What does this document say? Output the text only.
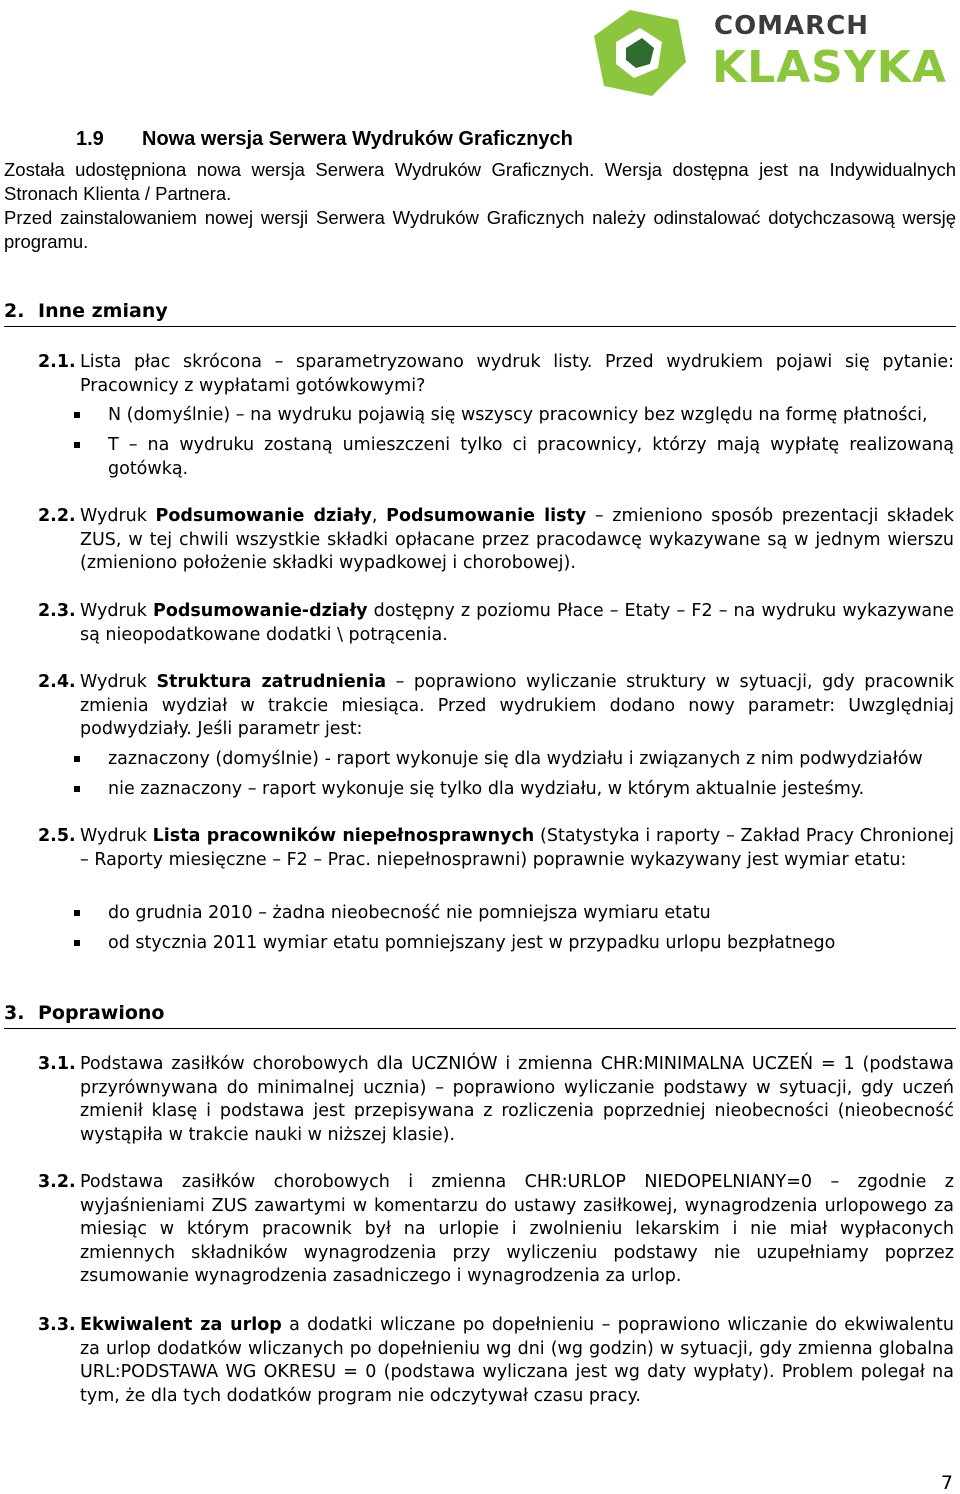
COMARCH
KLASYKA
1.9 Nowa wersja Serwera Wydruków Graficznych
Została udostępniona nowa wersja Serwera Wydruków Graficznych. Wersja dostępna jest na Indywidualnych Stronach Klienta / Partnera.
Przed zainstalowaniem nowej wersji Serwera Wydruków Graficznych należy odinstalować dotychczasową wersję programu.
2. Inne zmiany
2.1. Lista płac skrócona – sparametryzowano wydruk listy. Przed wydrukiem pojawi się pytanie: Pracownicy z wypłatami gotówkowymi?
N (domyślnie) – na wydruku pojawią się wszyscy pracownicy bez względu na formę płatności,
T – na wydruku zostaną umieszczeni tylko ci pracownicy, którzy mają wypłatę realizowaną gotówką.
2.2. Wydruk Podsumowanie działy, Podsumowanie listy – zmieniono sposób prezentacji składek ZUS, w tej chwili wszystkie składki opłacane przez pracodawcę wykazywane są w jednym wierszu (zmieniono położenie składki wypadkowej i chorobowej).
2.3. Wydruk Podsumowanie-działy dostępny z poziomu Płace – Etaty – F2 – na wydruku wykazywane są nieopodatkowane dodatki \ potrącenia.
2.4. Wydruk Struktura zatrudnienia – poprawiono wyliczanie struktury w sytuacji, gdy pracownik zmienia wydział w trakcie miesiąca. Przed wydrukiem dodano nowy parametr: Uwzględniaj podwydziały. Jeśli parametr jest:
zaznaczony (domyślnie) - raport wykonuje się dla wydziału i związanych z nim podwydziałów
nie zaznaczony – raport wykonuje się tylko dla wydziału, w którym aktualnie jesteśmy.
2.5. Wydruk Lista pracowników niepełnosprawnych (Statystyka i raporty – Zakład Pracy Chronionej – Raporty miesięczne – F2 – Prac. niepełnosprawni) poprawnie wykazywany jest wymiar etatu:
do grudnia 2010 – żadna nieobecność nie pomniejsza wymiaru etatu
od stycznia 2011 wymiar etatu pomniejszany jest w przypadku urlopu bezpłatnego
3. Poprawiono
3.1. Podstawa zasiłków chorobowych dla UCZNIÓW i zmienna CHR:MINIMALNA UCZEŃ = 1 (podstawa przyrównywana do minimalnej ucznia) – poprawiono wyliczanie podstawy w sytuacji, gdy uczeń zmienił klasę i podstawa jest przepisywana z rozliczenia poprzedniej nieobecności (nieobecność wystąpiła w trakcie nauki w niższej klasie).
3.2. Podstawa zasiłków chorobowych i zmienna CHR:URLOP NIEDOPELNIANY=0 – zgodnie z wyjaśnieniami ZUS zawartymi w komentarzu do ustawy zasiłkowej, wynagrodzenia urlopowego za miesiąc w którym pracownik był na urlopie i zwolnieniu lekarskim i nie miał wypłaconych zmiennych składników wynagrodzenia przy wyliczeniu podstawy nie uzupełniamy poprzez zsumowanie wynagrodzenia zasadniczego i wynagrodzenia za urlop.
3.3. Ekwiwalent za urlop a dodatki wliczane po dopełnieniu – poprawiono wliczanie do ekwiwalentu za urlop dodatków wliczanych po dopełnieniu wg dni (wg godzin) w sytuacji, gdy zmienna globalna URL:PODSTAWA WG OKRESU = 0 (podstawa wyliczana jest wg daty wypłaty). Problem polegał na tym, że dla tych dodatków program nie odczytywał czasu pracy.
7
